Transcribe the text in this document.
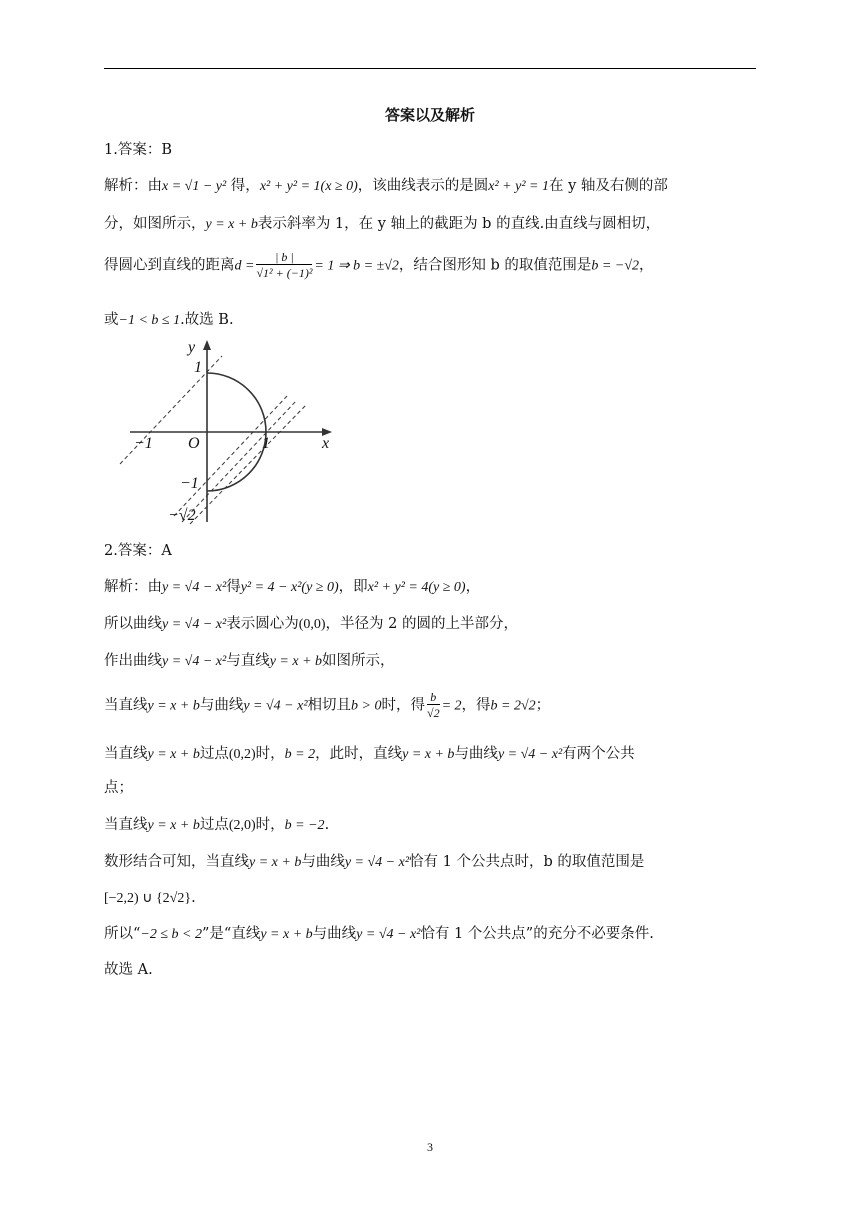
答案以及解析
1.答案：B
解析：由x = √1 − y² 得，x² + y² = 1(x ≥ 0)，该曲线表示的是圆x² + y² = 1在 y 轴及右侧的部
分，如图所示，y = x + b表示斜率为 1，在 y 轴上的截距为 b 的直线.由直线与圆相切，
得圆心到直线的距离$d = \frac{| b |}{\text{√1² + (−1)²}} = 1$ ⇒ b = ±√2，结合图形知 b 的取值范围是b = −√2，
或−1 < b ≤ 1.故选 B.
y
x
O
1
−1	1
−1
−√2
2.答案：A
解析：由y = √4 − x²得y² = 4 − x²(y ≥ 0)，即x² + y² = 4(y ≥ 0)，
所以曲线y = √4 − x²表示圆心为(0,0)，半径为 2 的圆的上半部分，
作出曲线y = √4 − x²与直线y = x + b如图所示，
当直线y = x + b与曲线y = √4 − x²相切且b > 0时，得 $\frac{b}{√2} = 2$，得b = 2√2；
当直线y = x + b过点(0,2)时，b = 2，此时，直线y = x + b与曲线y = √4 − x²有两个公共
点；
当直线y = x + b过点(2,0)时，b = −2.
数形结合可知，当直线y = x + b与曲线y = √4 − x²恰有 1 个公共点时，b 的取值范围是
[−2,2) ∪ {2√2}.
所以“−2 ≤ b < 2”是“直线y = x + b与曲线y = √4 − x²恰有 1 个公共点”的充分不必要条件.
故选 A.
3
